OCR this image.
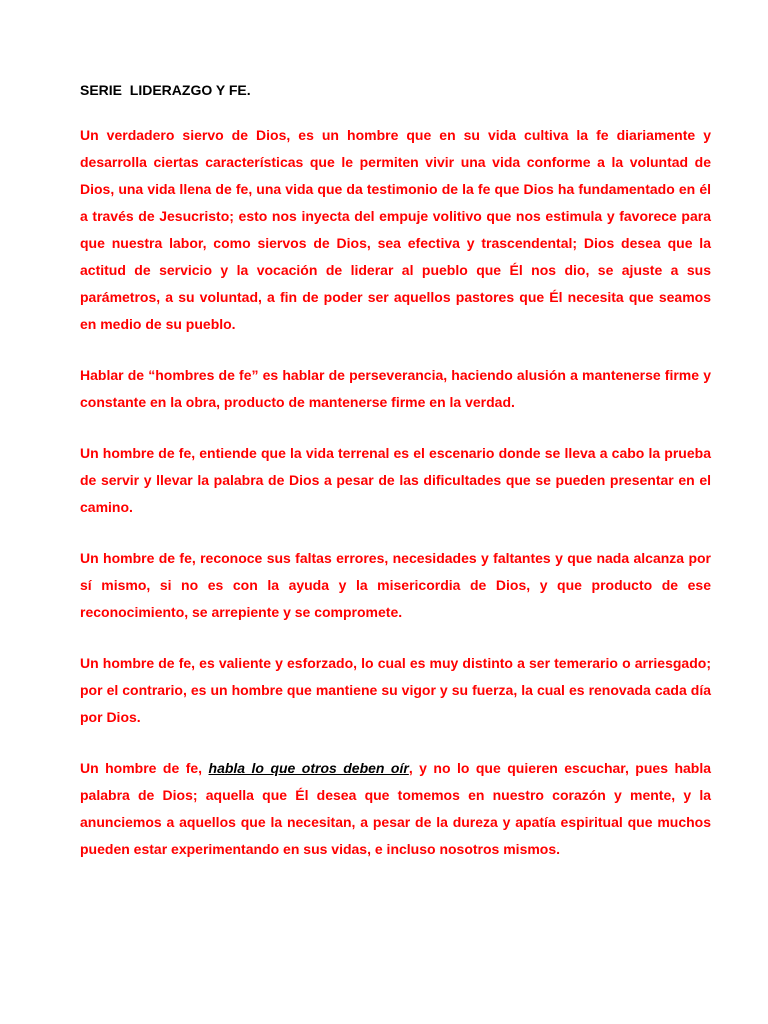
SERIE  LIDERAZGO Y FE.

Un verdadero siervo de Dios, es un hombre que en su vida cultiva la fe diariamente y desarrolla ciertas características que le permiten vivir una vida conforme a la voluntad de Dios, una vida llena de fe, una vida que da testimonio de la fe que Dios ha fundamentado en él a través de Jesucristo; esto nos inyecta del empuje volitivo que nos estimula y favorece para que nuestra labor, como siervos de Dios, sea efectiva y trascendental; Dios desea que la actitud de servicio y la vocación de liderar al pueblo que Él nos dio, se ajuste a sus parámetros, a su voluntad, a fin de poder ser aquellos pastores que Él necesita que seamos en medio de su pueblo.

Hablar de “hombres de fe” es hablar de perseverancia, haciendo alusión a mantenerse firme y constante en la obra, producto de mantenerse firme en la verdad.

Un hombre de fe, entiende que la vida terrenal es el escenario donde se lleva a cabo la prueba de servir y llevar la palabra de Dios a pesar de las dificultades que se pueden presentar en el camino.

Un hombre de fe, reconoce sus faltas errores, necesidades y faltantes y que nada alcanza por sí mismo, si no es con la ayuda y la misericordia de Dios, y que producto de ese reconocimiento, se arrepiente y se compromete.

Un hombre de fe, es valiente y esforzado, lo cual es muy distinto a ser temerario o arriesgado; por el contrario, es un hombre que mantiene su vigor y su fuerza, la cual es renovada cada día por Dios.

Un hombre de fe, habla lo que otros deben oír, y no lo que quieren escuchar, pues habla palabra de Dios; aquella que Él desea que tomemos en nuestro corazón y mente, y la anunciemos a aquellos que la necesitan, a pesar de la dureza y apatía espiritual que muchos pueden estar experimentando en sus vidas, e incluso nosotros mismos.
